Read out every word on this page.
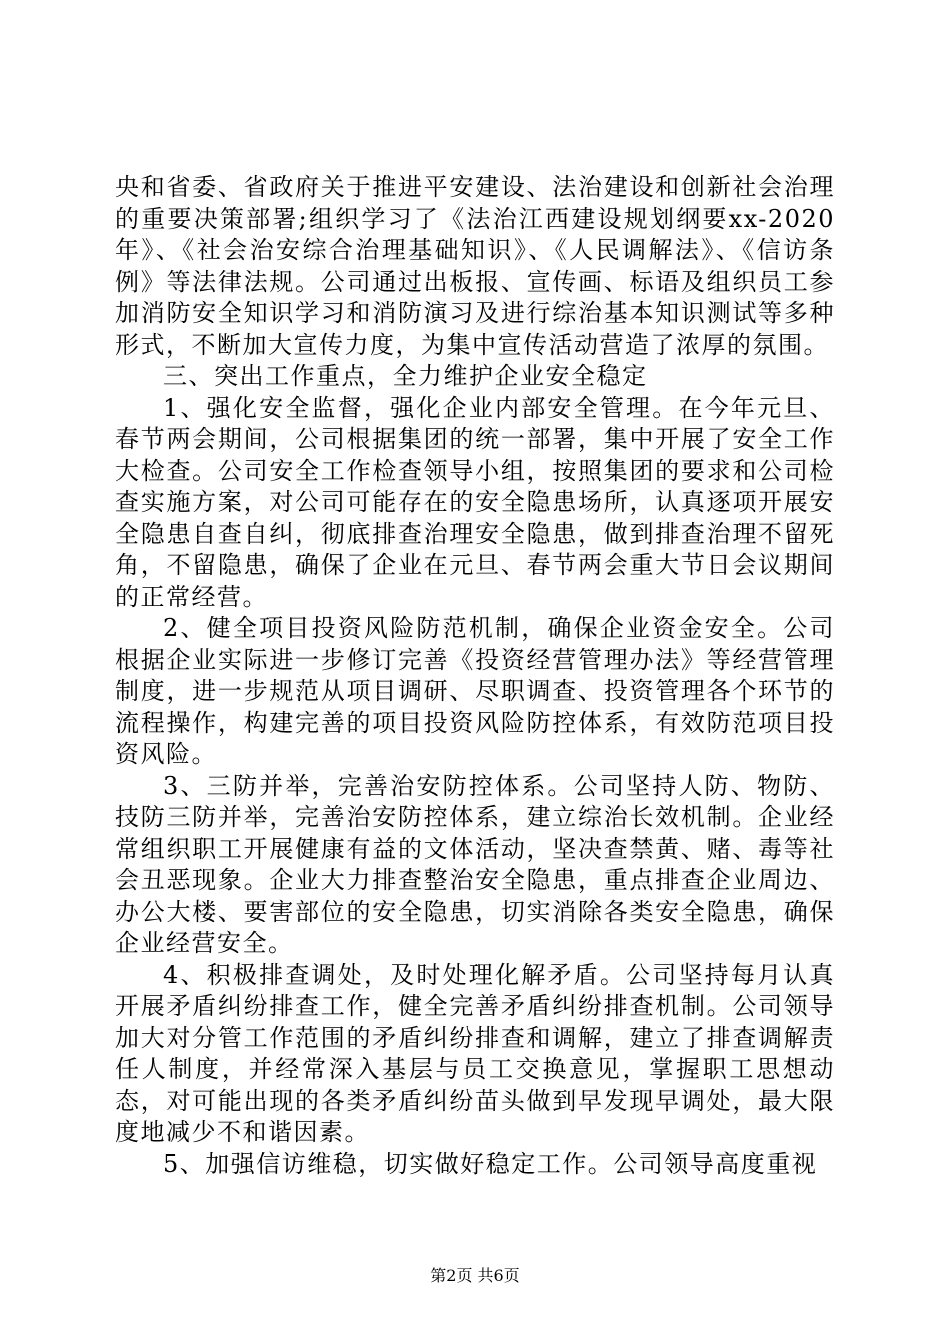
央和省委、省政府关于推进平安建设、法治建设和创新社会治理的重要决策部署;组织学习了《法治江西建设规划纲要xx-2020年》、《社会治安综合治理基础知识》、《人民调解法》、《信访条例》等法律法规。公司通过出板报、宣传画、标语及组织员工参加消防安全知识学习和消防演习及进行综治基本知识测试等多种形式，不断加大宣传力度，为集中宣传活动营造了浓厚的氛围。

三、突出工作重点，全力维护企业安全稳定

1、强化安全监督，强化企业内部安全管理。在今年元旦、春节两会期间，公司根据集团的统一部署，集中开展了安全工作大检查。公司安全工作检查领导小组，按照集团的要求和公司检查实施方案，对公司可能存在的安全隐患场所，认真逐项开展安全隐患自查自纠，彻底排查治理安全隐患，做到排查治理不留死角，不留隐患，确保了企业在元旦、春节两会重大节日会议期间的正常经营。

2、健全项目投资风险防范机制，确保企业资金安全。公司根据企业实际进一步修订完善《投资经营管理办法》等经营管理制度，进一步规范从项目调研、尽职调查、投资管理各个环节的流程操作，构建完善的项目投资风险防控体系，有效防范项目投资风险。

3、三防并举，完善治安防控体系。公司坚持人防、物防、技防三防并举，完善治安防控体系，建立综治长效机制。企业经常组织职工开展健康有益的文体活动，坚决查禁黄、赌、毒等社会丑恶现象。企业大力排查整治安全隐患，重点排查企业周边、办公大楼、要害部位的安全隐患，切实消除各类安全隐患，确保企业经营安全。

4、积极排查调处，及时处理化解矛盾。公司坚持每月认真开展矛盾纠纷排查工作，健全完善矛盾纠纷排查机制。公司领导加大对分管工作范围的矛盾纠纷排查和调解，建立了排查调解责任人制度，并经常深入基层与员工交换意见，掌握职工思想动态，对可能出现的各类矛盾纠纷苗头做到早发现早调处，最大限度地减少不和谐因素。

5、加强信访维稳，切实做好稳定工作。公司领导高度重视

第2页 共6页
